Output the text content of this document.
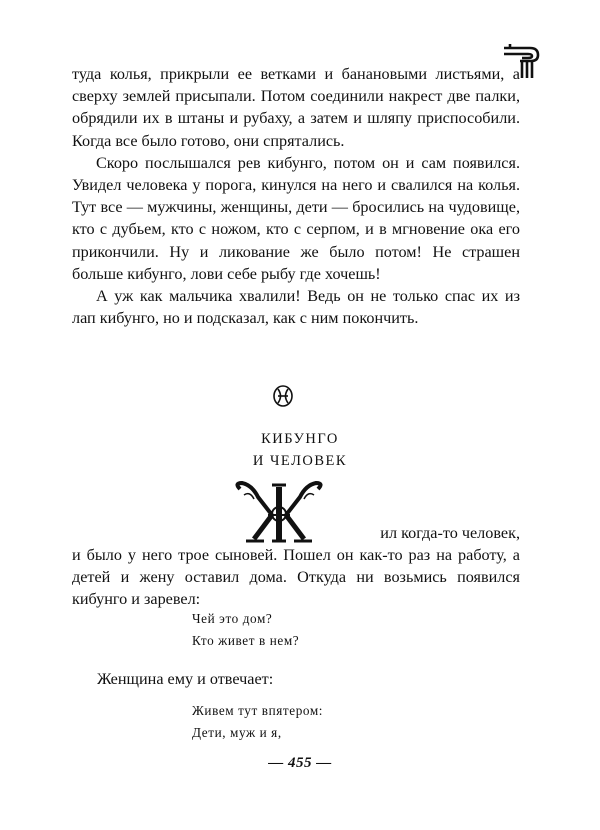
туда колья, прикрыли ее ветками и банановыми листьями, а сверху землей присыпали. Потом соединили накрест две палки, обрядили их в штаны и рубаху, а затем и шляпу приспособили. Когда все было готово, они спрятались.

Скоро послышался рев кибунго, потом он и сам появился. Увидел человека у порога, кинулся на него и свалился на колья. Тут все — мужчины, женщины, дети — бросились на чудовище, кто с дубьем, кто с ножом, кто с серпом, и в мгновение ока его прикончили. Ну и ликование же было потом! Не страшен больше кибунго, лови себе рыбу где хочешь!

А уж как мальчика хвалили! Ведь он не только спас их из лап кибунго, но и подсказал, как с ним покончить.

КИБУНГО
И ЧЕЛОВЕК
ил когда-то человек,

и было у него трое сыновей. Пошел он как-то раз на работу, а детей и жену оставил дома. Откуда ни возьмись появился кибунго и заревел:

Чей это дом?
Кто живет в нем?
Женщина ему и отвечает:
Живем тут впятером:
Дети, муж и я,
— 455 —
